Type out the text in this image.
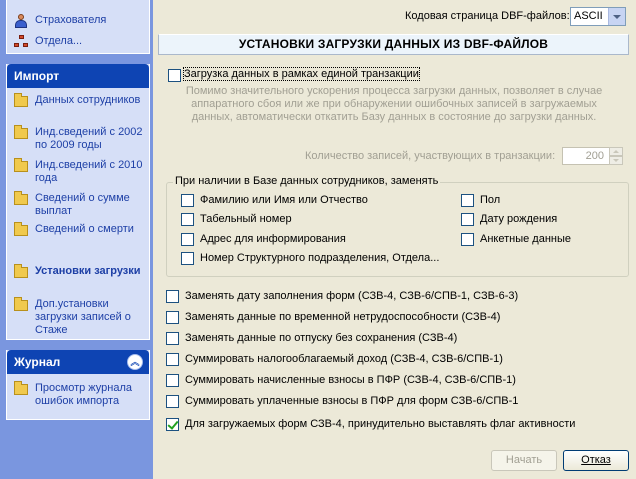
Страхователя
Отдела...
Импорт
Данных сотрудников
Инд.сведений с 2002 по 2009 годы
Инд.сведений с 2010 года
Сведений о сумме выплат
Сведений о смерти
Установки загрузки
Доп.установки загрузки записей о Стаже
Журнал	︽
Просмотр журнала ошибок импорта
Кодовая страница DBF-файлов: ASCII
УСТАНОВКИ ЗАГРУЗКИ ДАННЫХ ИЗ DBF-ФАЙЛОВ
Загрузка данных в рамках единой транзакции
Помимо значительного ускорения процесса загрузки данных, позволяет в случае аппаратного сбоя или же при обнаружении ошибочных записей в загружаемых данных, автоматически откатить Базу данных в состояние до загрузки данных.
Количество записей, участвующих в транзакции:	200
При наличии в Базе данных сотрудников, заменять
Фамилию или Имя или Отчество
Табельный номер
Адрес для информирования
Номер Структурного подразделения, Отдела...
Пол
Дату рождения
Анкетные данные
Заменять дату заполнения форм (СЗВ-4, СЗВ-6/СПВ-1, СЗВ-6-3)
Заменять данные по временной нетрудоспособности (СЗВ-4)
Заменять данные по отпуску без сохранения (СЗВ-4)
Суммировать налогооблагаемый доход (СЗВ-4, СЗВ-6/СПВ-1)
Суммировать начисленные взносы в ПФР (СЗВ-4, СЗВ-6/СПВ-1)
Суммировать уплаченные взносы в ПФР для форм СЗВ-6/СПВ-1
Для загружаемых форм СЗВ-4, принудительно выставлять флаг активности
Начать	Отказ
